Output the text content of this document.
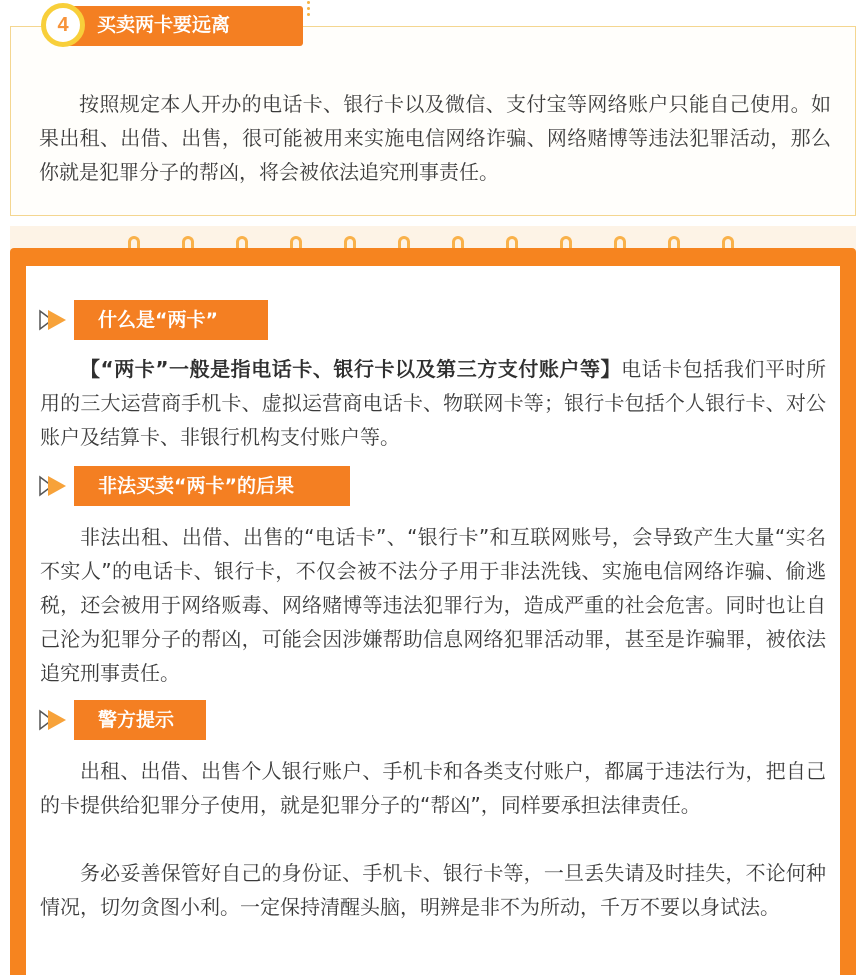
4	买卖两卡要远离

按照规定本人开办的电话卡、银行卡以及微信、支付宝等网络账户只能自己使用。如果出租、出借、出售，很可能被用来实施电信网络诈骗、网络赌博等违法犯罪活动，那么你就是犯罪分子的帮凶，将会被依法追究刑事责任。

什么是“两卡”

【“两卡”一般是指电话卡、银行卡以及第三方支付账户等】电话卡包括我们平时所用的三大运营商手机卡、虚拟运营商电话卡、物联网卡等；银行卡包括个人银行卡、对公账户及结算卡、非银行机构支付账户等。

非法买卖“两卡”的后果

非法出租、出借、出售的“电话卡”、“银行卡”和互联网账号，会导致产生大量“实名不实人”的电话卡、银行卡，不仅会被不法分子用于非法洗钱、实施电信网络诈骗、偷逃税，还会被用于网络贩毒、网络赌博等违法犯罪行为，造成严重的社会危害。同时也让自己沦为犯罪分子的帮凶，可能会因涉嫌帮助信息网络犯罪活动罪，甚至是诈骗罪，被依法追究刑事责任。

警方提示

出租、出借、出售个人银行账户、手机卡和各类支付账户，都属于违法行为，把自己的卡提供给犯罪分子使用，就是犯罪分子的“帮凶”，同样要承担法律责任。

务必妥善保管好自己的身份证、手机卡、银行卡等，一旦丢失请及时挂失，不论何种情况，切勿贪图小利。一定保持清醒头脑，明辨是非不为所动，千万不要以身试法。
